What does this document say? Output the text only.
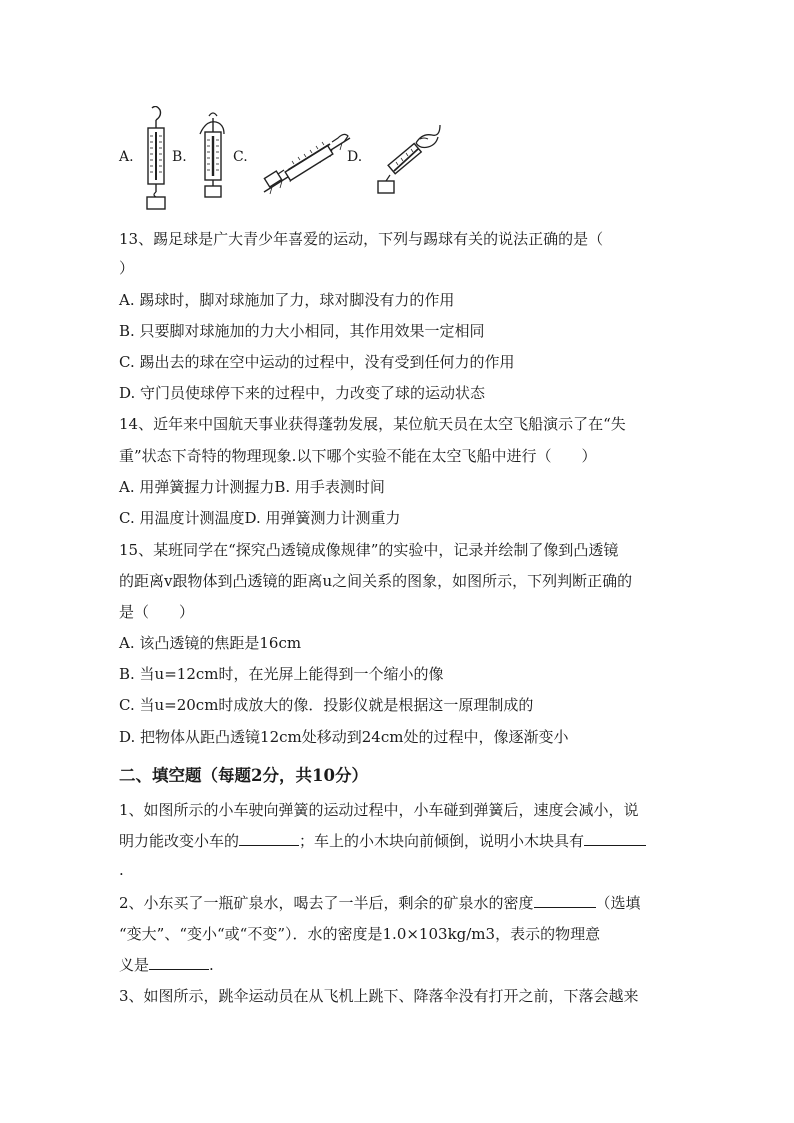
A.	B.	C.	D.
13、踢足球是广大青少年喜爱的运动，下列与踢球有关的说法正确的是（
）
A. 踢球时，脚对球施加了力，球对脚没有力的作用
B. 只要脚对球施加的力大小相同，其作用效果一定相同
C. 踢出去的球在空中运动的过程中，没有受到任何力的作用
D. 守门员使球停下来的过程中，力改变了球的运动状态
14、近年来中国航天事业获得蓬勃发展，某位航天员在太空飞船演示了在“失
重”状态下奇特的物理现象.以下哪个实验不能在太空飞船中进行（　　）
A. 用弹簧握力计测握力B. 用手表测时间
C. 用温度计测温度D. 用弹簧测力计测重力
15、某班同学在“探究凸透镜成像规律”的实验中，记录并绘制了像到凸透镜
的距离v跟物体到凸透镜的距离u之间关系的图象，如图所示，下列判断正确的
是（　　）
A. 该凸透镜的焦距是16cm
B. 当u=12cm时，在光屏上能得到一个缩小的像
C. 当u=20cm时成放大的像．投影仪就是根据这一原理制成的
D. 把物体从距凸透镜12cm处移动到24cm处的过程中，像逐渐变小
二、填空题（每题2分，共10分）
1、如图所示的小车驶向弹簧的运动过程中，小车碰到弹簧后，速度会减小，说
明力能改变小车的	；车上的小木块向前倾倒，说明小木块具有
.
2、小东买了一瓶矿泉水，喝去了一半后，剩余的矿泉水的密度	（选填
“变大”、“变小“或“不变”）．水的密度是1.0×103kg/m3，表示的物理意
义是	.
3、如图所示，跳伞运动员在从飞机上跳下、降落伞没有打开之前，下落会越来
